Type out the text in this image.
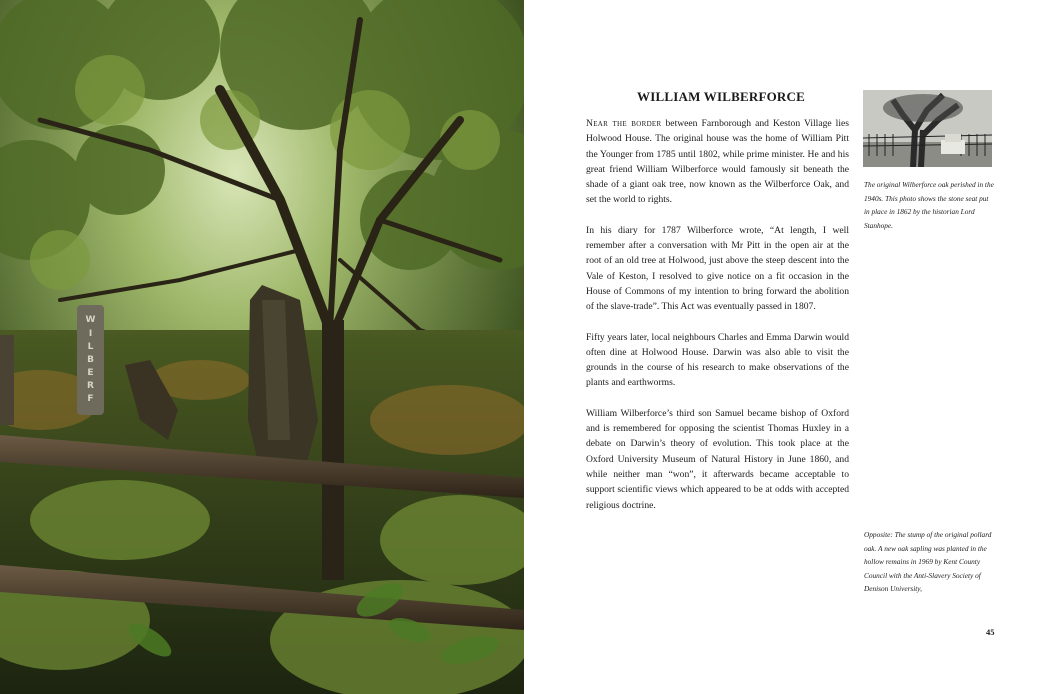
W
I
L
B
E
R
F
WILLIAM WILBERFORCE

Near the border between Farnborough and Keston Village lies Holwood House. The original house was the home of William Pitt the Younger from 1785 until 1802, while prime minister. He and his great friend William Wilberforce would famously sit beneath the shade of a giant oak tree, now known as the Wilberforce Oak, and set the world to rights.

In his diary for 1787 Wilberforce wrote, “At length, I well remember after a conversation with Mr Pitt in the open air at the root of an old tree at Holwood, just above the steep descent into the Vale of Keston, I resolved to give notice on a fit occasion in the House of Commons of my intention to bring forward the abolition of the slave-trade”. This Act was eventually passed in 1807.

Fifty years later, local neighbours Charles and Emma Darwin would often dine at Holwood House. Darwin was also able to visit the grounds in the course of his research to make observations of the plants and earthworms.

William Wilberforce’s third son Samuel became bishop of Oxford and is remembered for opposing the scientist Thomas Huxley in a debate on Darwin’s theory of evolution. This took place at the Oxford University Museum of Natural History in June 1860, and while neither man “won”, it afterwards became acceptable to support scientific views which appeared to be at odds with accepted religious doctrine.

The original Wilberforce oak perished in the 1940s. This photo shows the stone seat put in place in 1862 by the historian Lord Stanhope.
Opposite: The stump of the original pollard oak. A new oak sapling was planted in the hollow remains in 1969 by Kent County Council with the Anti-Slavery Society of Denison University,
45
